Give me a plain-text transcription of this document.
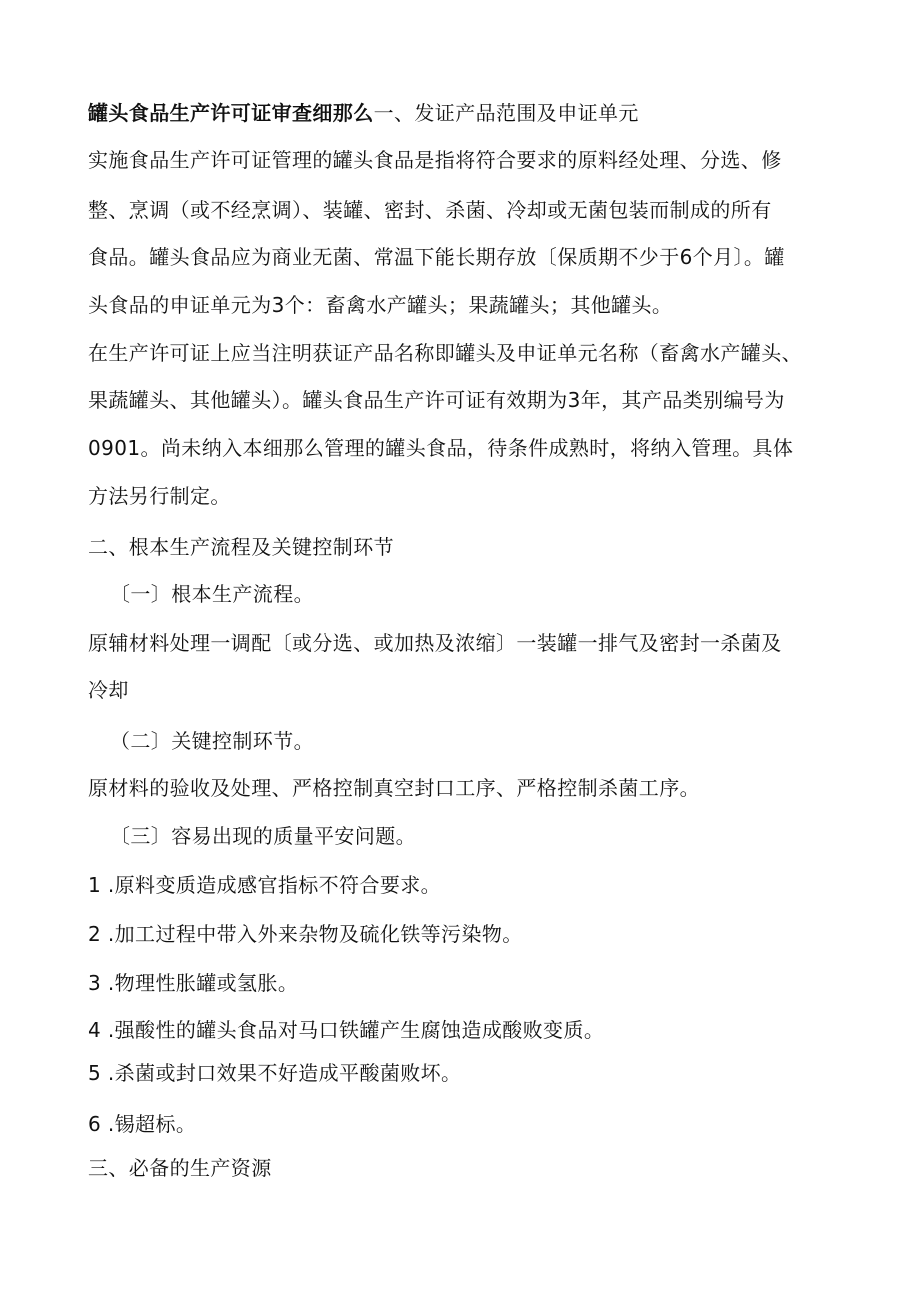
罐头食品生产许可证审查细那么一、发证产品范围及申证单元
实施食品生产许可证管理的罐头食品是指将符合要求的原料经处理、分选、修
整、烹调（或不经烹调）、装罐、密封、杀菌、冷却或无菌包装而制成的所有
食品。罐头食品应为商业无菌、常温下能长期存放〔保质期不少于6个月〕。罐
头食品的申证单元为3个：畜禽水产罐头；果蔬罐头；其他罐头。
在生产许可证上应当注明获证产品名称即罐头及申证单元名称（畜禽水产罐头、
果蔬罐头、其他罐头）。罐头食品生产许可证有效期为3年，其产品类别编号为
0901。尚未纳入本细那么管理的罐头食品，待条件成熟时，将纳入管理。具体
方法另行制定。
二、根本生产流程及关键控制环节
〔一〕根本生产流程。
原辅材料处理一调配〔或分选、或加热及浓缩〕一装罐一排气及密封一杀菌及
冷却
（二〕关键控制环节。
原材料的验收及处理、严格控制真空封口工序、严格控制杀菌工序。
〔三〕容易出现的质量平安问题。
1 .原料变质造成感官指标不符合要求。
2 .加工过程中带入外来杂物及硫化铁等污染物。
3 .物理性胀罐或氢胀。
4 .强酸性的罐头食品对马口铁罐产生腐蚀造成酸败变质。
5 .杀菌或封口效果不好造成平酸菌败坏。
6 .锡超标。
三、必备的生产资源
